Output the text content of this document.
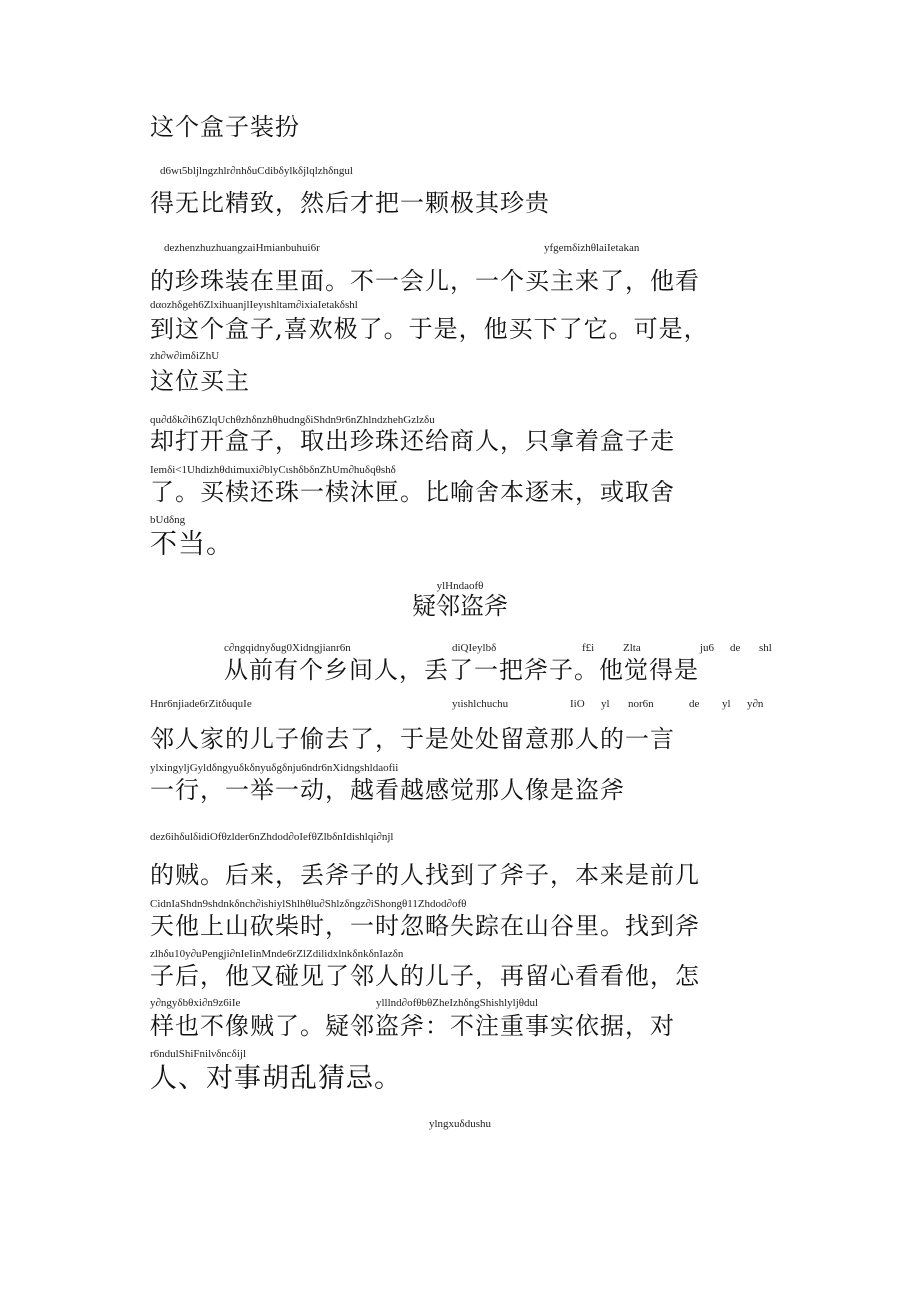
这个盒子装扮
d6wι5bljlngzhlr∂nhδuCdibδylkδjlqlzhδngul
得无比精致，然后才把一颗极其珍贵
dezhenzhuzhuangzaiHmianbuhui6r	yfgemδizhθlaiIetakan
的珍珠装在里面。不一会儿，一个买主来了，他看
dαozhδgeh6ZlxihuanjlIeyιshltam∂ixiaIetakδshl
到这个盒子,喜欢极了。于是，他买下了它。可是，
zh∂w∂imδiZhU
这位买主
qu∂dδk∂ih6ZlqUchθzhδnzhθhudngδiShdn9r6nZhlndzhehGzlzδu
却打开盒子，取出珍珠还给商人，只拿着盒子走
Iemδi<1Uhdizhθdιimuxi∂blyCιshδbδnZhUm∂huδqθshδ
了。买椟还珠一椟沐匣。比喻舍本逐末，或取舍
bUdδng
不当。
ylHndaofθ
疑邻盗斧
c∂ngqidnyδug0Xidngjianr6n	diQIeylbδ	f£i	Zlta	ju6 de shl
从前有个乡间人，丢了一把斧子。他觉得是
Hnr6njiade6rZitδuquIe	yιishlchuchu	IiO yl nor6n	de yl y∂n
邻人家的儿子偷去了，于是处处留意那人的一言
ylxingyljGyldδngyuδkδnyuδgδnju6ndr6nXidngshldaofii
一行，一举一动，越看越感觉那人像是盗斧
dez6ihδulδidiOfθzlder6nZhdod∂oIefθZlbδnIdishlqi∂njl
的贼。后来，丢斧子的人找到了斧子，本来是前几
CidnIaShdn9shdnkδnch∂ishiylShlhθlu∂Shlzδngz∂iShongθ11Zhdod∂ofθ
天他上山砍柴时，一时忽略失踪在山谷里。找到斧
zlhδu10y∂uPengji∂nIeIinMnde6rZlZdilidxlnkδnkδnIazδn
子后，他又碰见了邻人的儿子，再留心看看他，怎
y∂ngyδbθxi∂n9z6iIe	ylllnd∂ofθbθZheIzhδngShishlyljθdul
样也不像贼了。疑邻盗斧：不注重事实依据，对
r6ndulShiFnilνδncδijl
人、对事胡乱猜忌。
ylngxuδdushu
